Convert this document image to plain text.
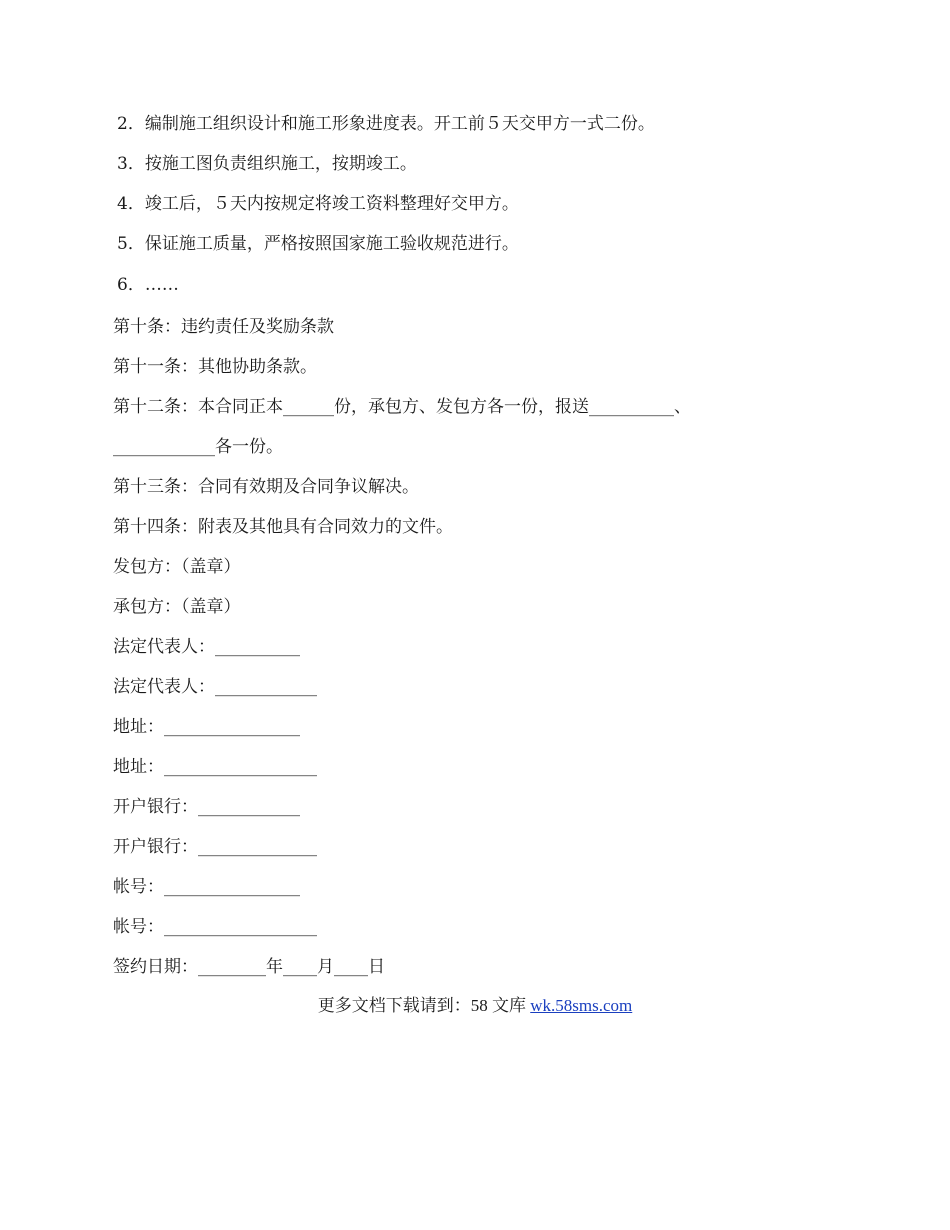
2．编制施工组织设计和施工形象进度表。开工前５天交甲方一式二份。
3．按施工图负责组织施工，按期竣工。
4．竣工后，５天内按规定将竣工资料整理好交甲方。
5．保证施工质量，严格按照国家施工验收规范进行。
6．……
第十条：违约责任及奖励条款
第十一条：其他协助条款。
第十二条：本合同正本______份，承包方、发包方各一份，报送__________、
____________各一份。
第十三条：合同有效期及合同争议解决。
第十四条：附表及其他具有合同效力的文件。
发包方：（盖章）
承包方：（盖章）
法定代表人：__________
法定代表人：____________
地址：________________
地址：__________________
开户银行：____________
开户银行：______________
帐号：________________
帐号：__________________
签约日期：________年____月____日
更多文档下载请到：58 文库 wk.58sms.com
